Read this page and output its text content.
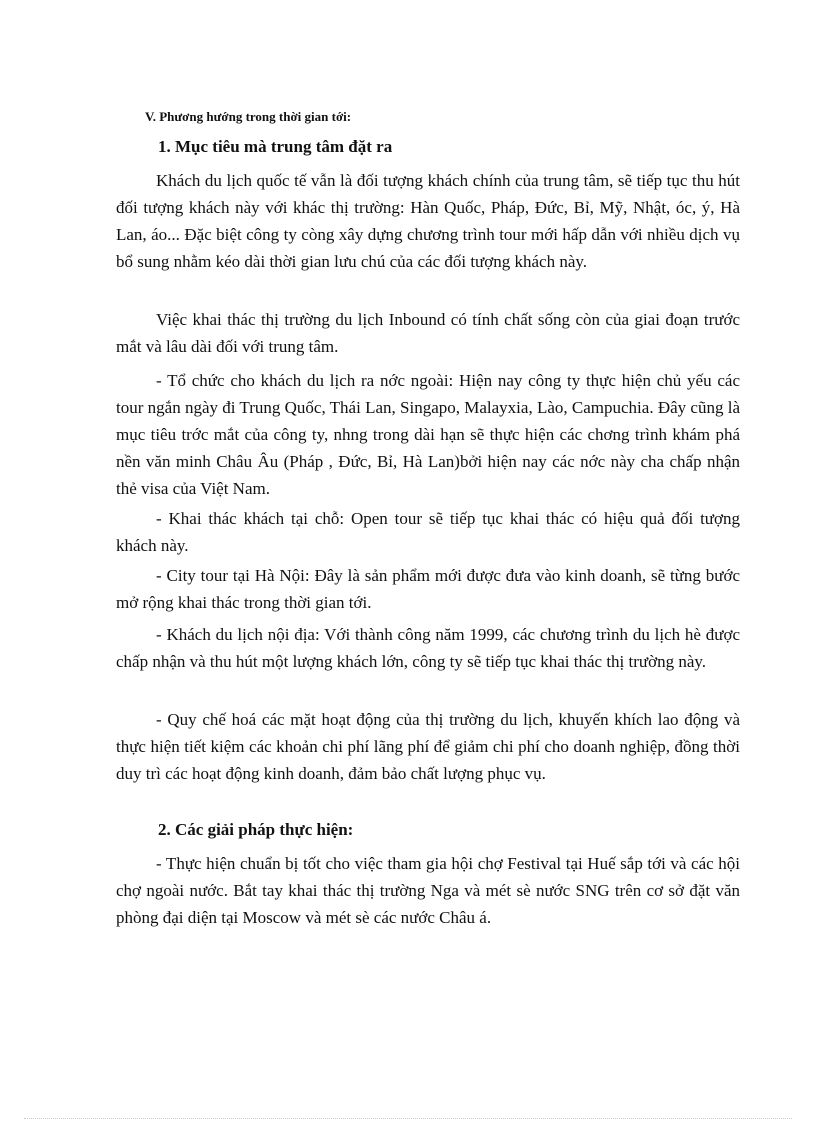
V. Phương hướng trong thời gian tới:
1. Mục tiêu mà trung tâm đặt ra

Khách du lịch quốc tế vẫn là đối tượng khách chính của trung tâm, sẽ tiếp tục thu hút đối tượng khách này với khác thị trường: Hàn Quốc, Pháp, Đức, Bỉ, Mỹ, Nhật, óc, ý, Hà Lan, áo... Đặc biệt công ty còng xây dựng chương trình tour mới hấp dẫn với nhiều dịch vụ bổ sung nhằm kéo dài thời gian lưu chú của các đối tượng khách này.

Việc khai thác thị trường du lịch Inbound có tính chất sống còn của giai đoạn trước mắt và lâu dài đối với trung tâm.

- Tổ chức cho khách du lịch ra nớc ngoài: Hiện nay công ty thực hiện chủ yếu các tour ngắn ngày đi Trung Quốc, Thái Lan, Singapo, Malayxia, Lào, Campuchia. Đây cũng là mục tiêu trớc mắt của công ty, nhng trong dài hạn sẽ thực hiện các chơng trình khám phá nền văn minh Châu Âu (Pháp , Đức, Bỉ, Hà Lan)bởi hiện nay các nớc này cha chấp nhận thẻ visa của Việt Nam.

- Khai thác khách tại chỗ: Open tour sẽ tiếp tục khai thác có hiệu quả đối tượng khách này.

- City tour tại Hà Nội: Đây là sản phẩm mới được đưa vào kinh doanh, sẽ từng bước mở rộng khai thác trong thời gian tới.

- Khách du lịch nội địa: Với thành công năm 1999, các chương trình du lịch hè được chấp nhận và thu hút một lượng khách lớn, công ty sẽ tiếp tục khai thác thị trường này.

- Quy chế hoá các mặt hoạt động của thị trường du lịch, khuyến khích lao động và thực hiện tiết kiệm các khoản chi phí lãng phí để giảm chi phí cho doanh nghiệp, đồng thời duy trì các hoạt động kinh doanh, đảm bảo chất lượng phục vụ.

2. Các giải pháp thực hiện:

- Thực hiện chuẩn bị tốt cho việc tham gia hội chợ Festival tại Huế sắp tới và các hội chợ ngoài nước. Bắt tay khai thác thị trường Nga và mét sè nước SNG trên cơ sở đặt văn phòng đại diện tại Moscow và mét sè các nước Châu á.
